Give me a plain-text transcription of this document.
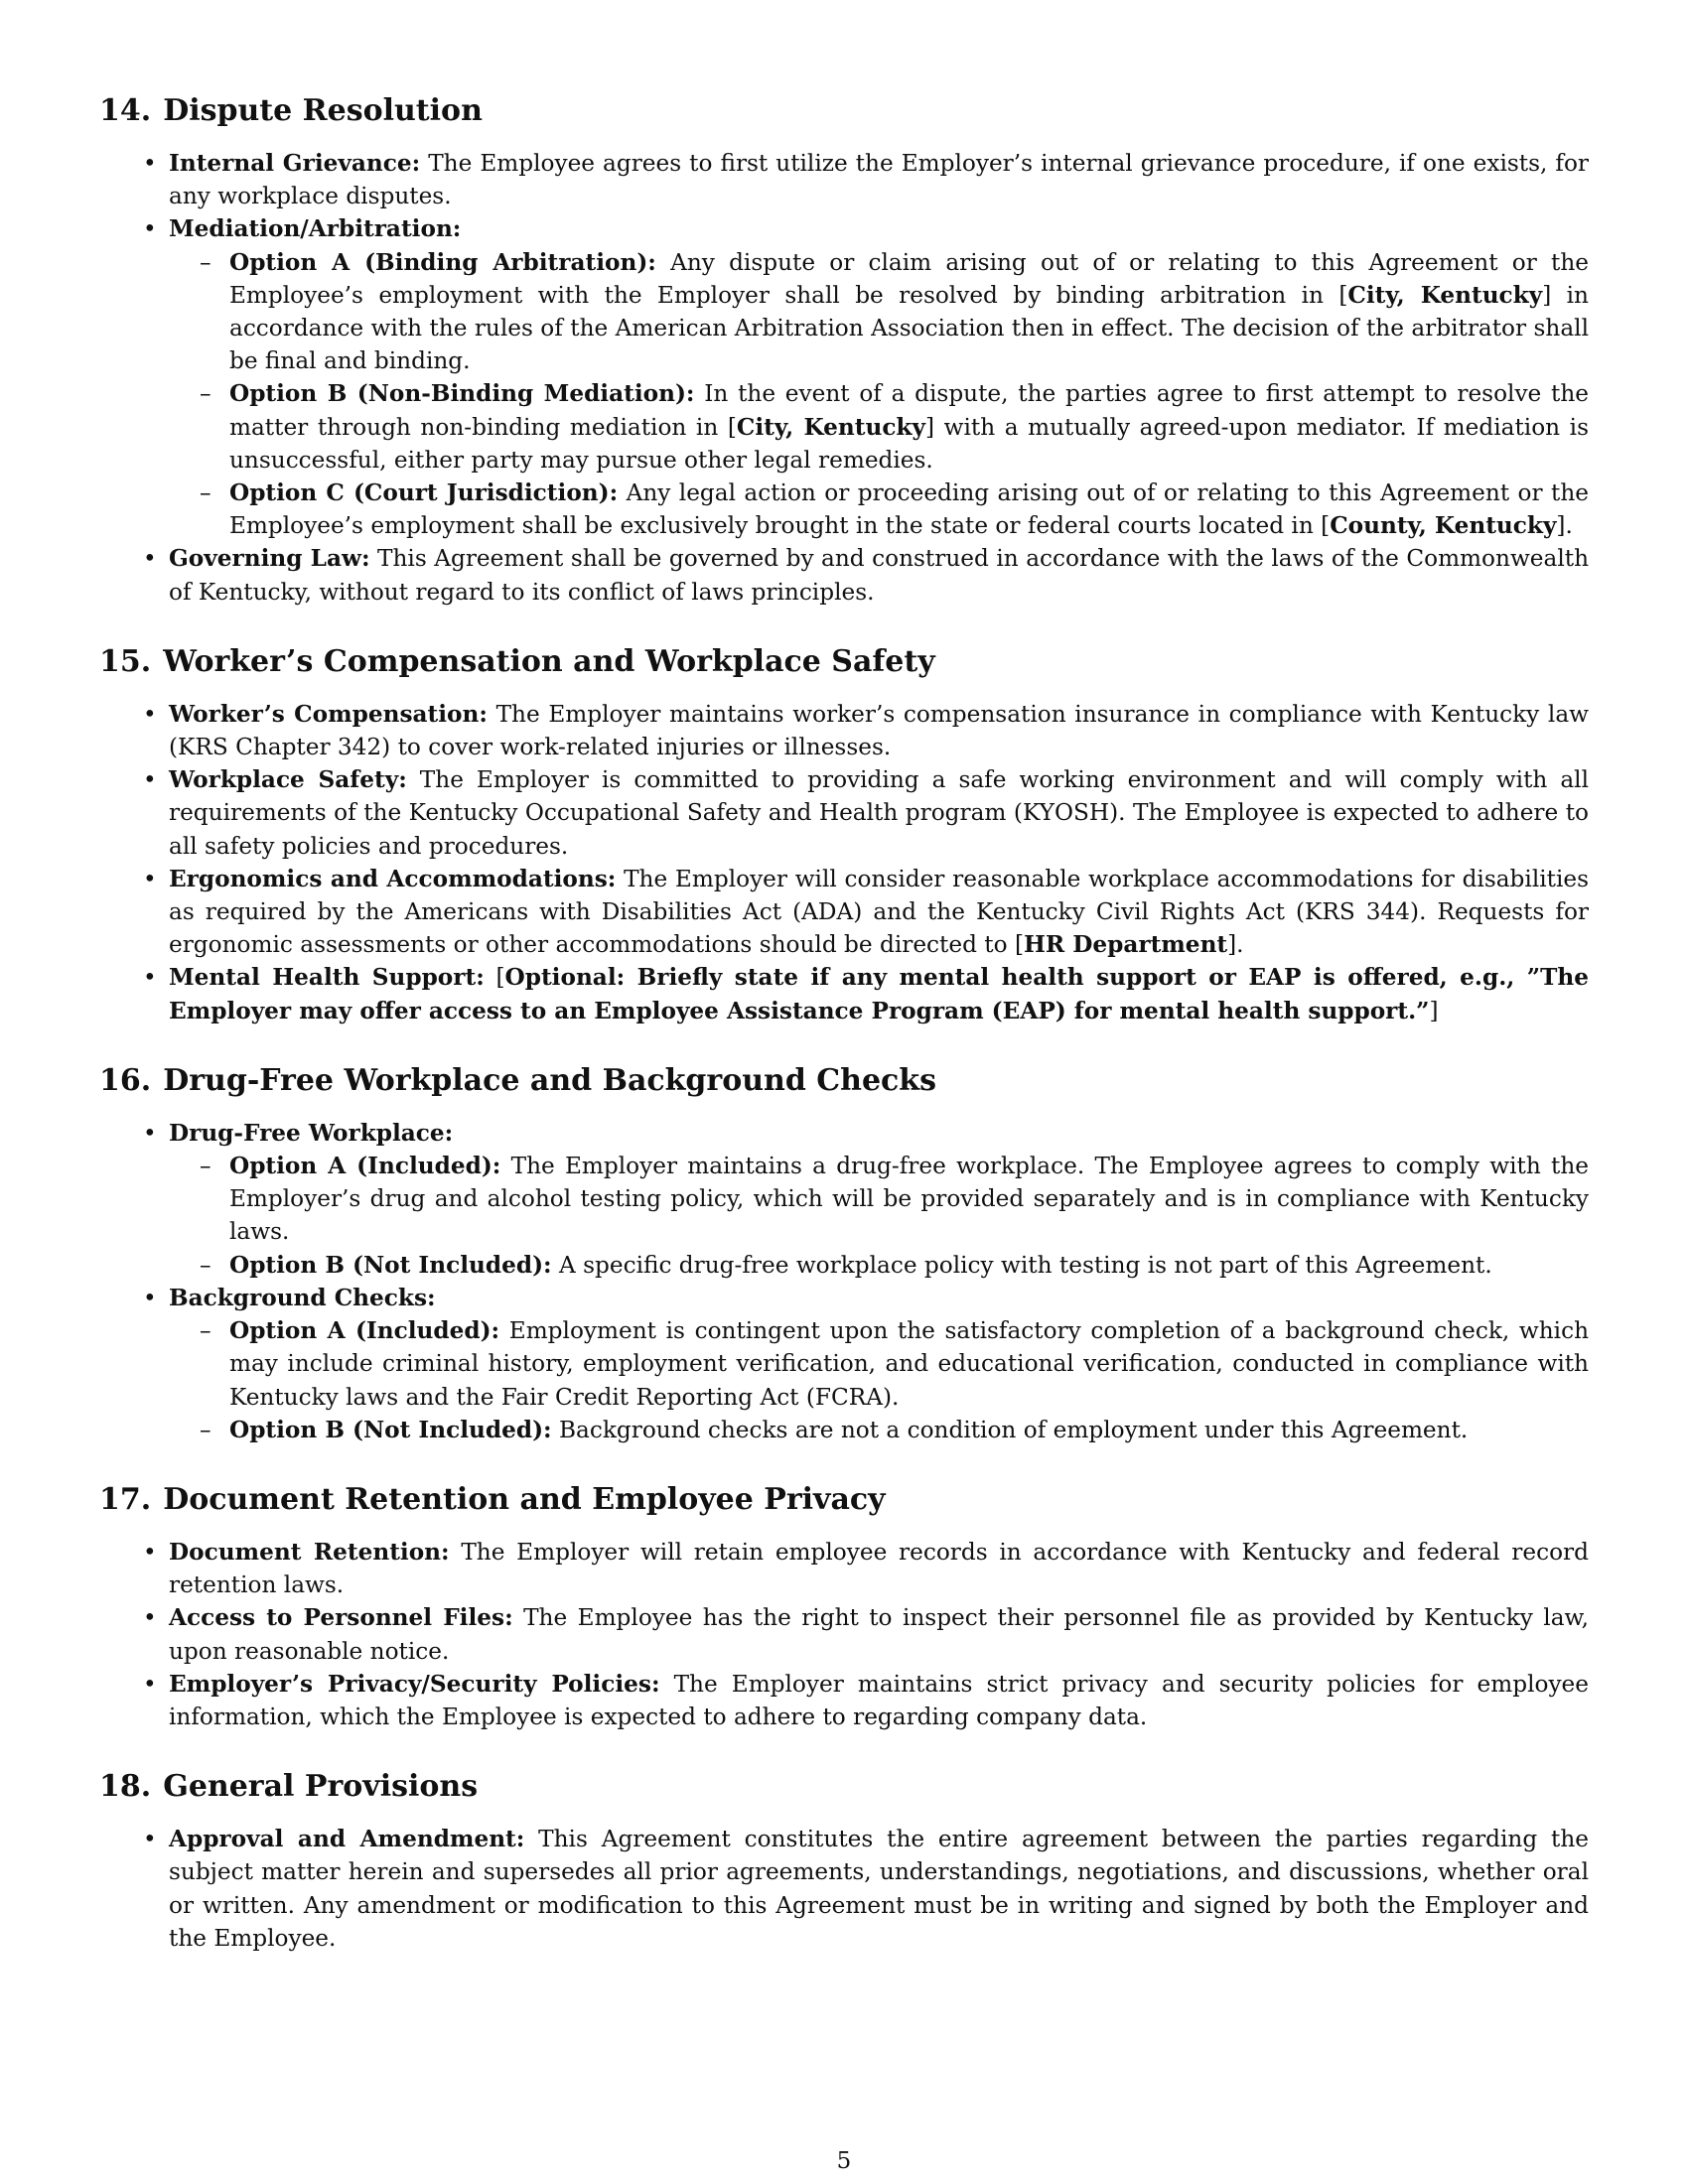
14. Dispute Resolution
• Internal Grievance: The Employee agrees to first utilize the Employer’s internal grievance procedure, if one exists, for any workplace disputes.
• Mediation/Arbitration:
– Option A (Binding Arbitration): Any dispute or claim arising out of or relating to this Agreement or the Employee’s employment with the Employer shall be resolved by binding arbitration in [City, Kentucky] in accordance with the rules of the American Arbitration Association then in effect. The decision of the arbitrator shall be final and binding.
– Option B (Non-Binding Mediation): In the event of a dispute, the parties agree to first attempt to resolve the matter through non-binding mediation in [City, Kentucky] with a mutually agreed-upon mediator. If mediation is unsuccessful, either party may pursue other legal remedies.
– Option C (Court Jurisdiction): Any legal action or proceeding arising out of or relating to this Agreement or the Employee’s employment shall be exclusively brought in the state or federal courts located in [County, Kentucky].
• Governing Law: This Agreement shall be governed by and construed in accordance with the laws of the Commonwealth of Kentucky, without regard to its conflict of laws principles.
15. Worker’s Compensation and Workplace Safety
• Worker’s Compensation: The Employer maintains worker’s compensation insurance in compliance with Kentucky law (KRS Chapter 342) to cover work-related injuries or illnesses.
• Workplace Safety: The Employer is committed to providing a safe working environment and will comply with all requirements of the Kentucky Occupational Safety and Health program (KYOSH). The Employee is expected to adhere to all safety policies and procedures.
• Ergonomics and Accommodations: The Employer will consider reasonable workplace accommodations for disabilities as required by the Americans with Disabilities Act (ADA) and the Kentucky Civil Rights Act (KRS 344). Requests for ergonomic assessments or other accommodations should be directed to [HR Department].
• Mental Health Support: [Optional: Briefly state if any mental health support or EAP is offered, e.g., ”The Employer may offer access to an Employee Assistance Program (EAP) for mental health support.”]
16. Drug-Free Workplace and Background Checks
• Drug-Free Workplace:
– Option A (Included): The Employer maintains a drug-free workplace. The Employee agrees to comply with the Employer’s drug and alcohol testing policy, which will be provided separately and is in compliance with Kentucky laws.
– Option B (Not Included): A specific drug-free workplace policy with testing is not part of this Agreement.
• Background Checks:
– Option A (Included): Employment is contingent upon the satisfactory completion of a background check, which may include criminal history, employment verification, and educational verification, conducted in compliance with Kentucky laws and the Fair Credit Reporting Act (FCRA).
– Option B (Not Included): Background checks are not a condition of employment under this Agreement.
17. Document Retention and Employee Privacy
• Document Retention: The Employer will retain employee records in accordance with Kentucky and federal record retention laws.
• Access to Personnel Files: The Employee has the right to inspect their personnel file as provided by Kentucky law, upon reasonable notice.
• Employer’s Privacy/Security Policies: The Employer maintains strict privacy and security policies for employee information, which the Employee is expected to adhere to regarding company data.
18. General Provisions
• Approval and Amendment: This Agreement constitutes the entire agreement between the parties regarding the subject matter herein and supersedes all prior agreements, understandings, negotiations, and discussions, whether oral or written. Any amendment or modification to this Agreement must be in writing and signed by both the Employer and the Employee.
5
